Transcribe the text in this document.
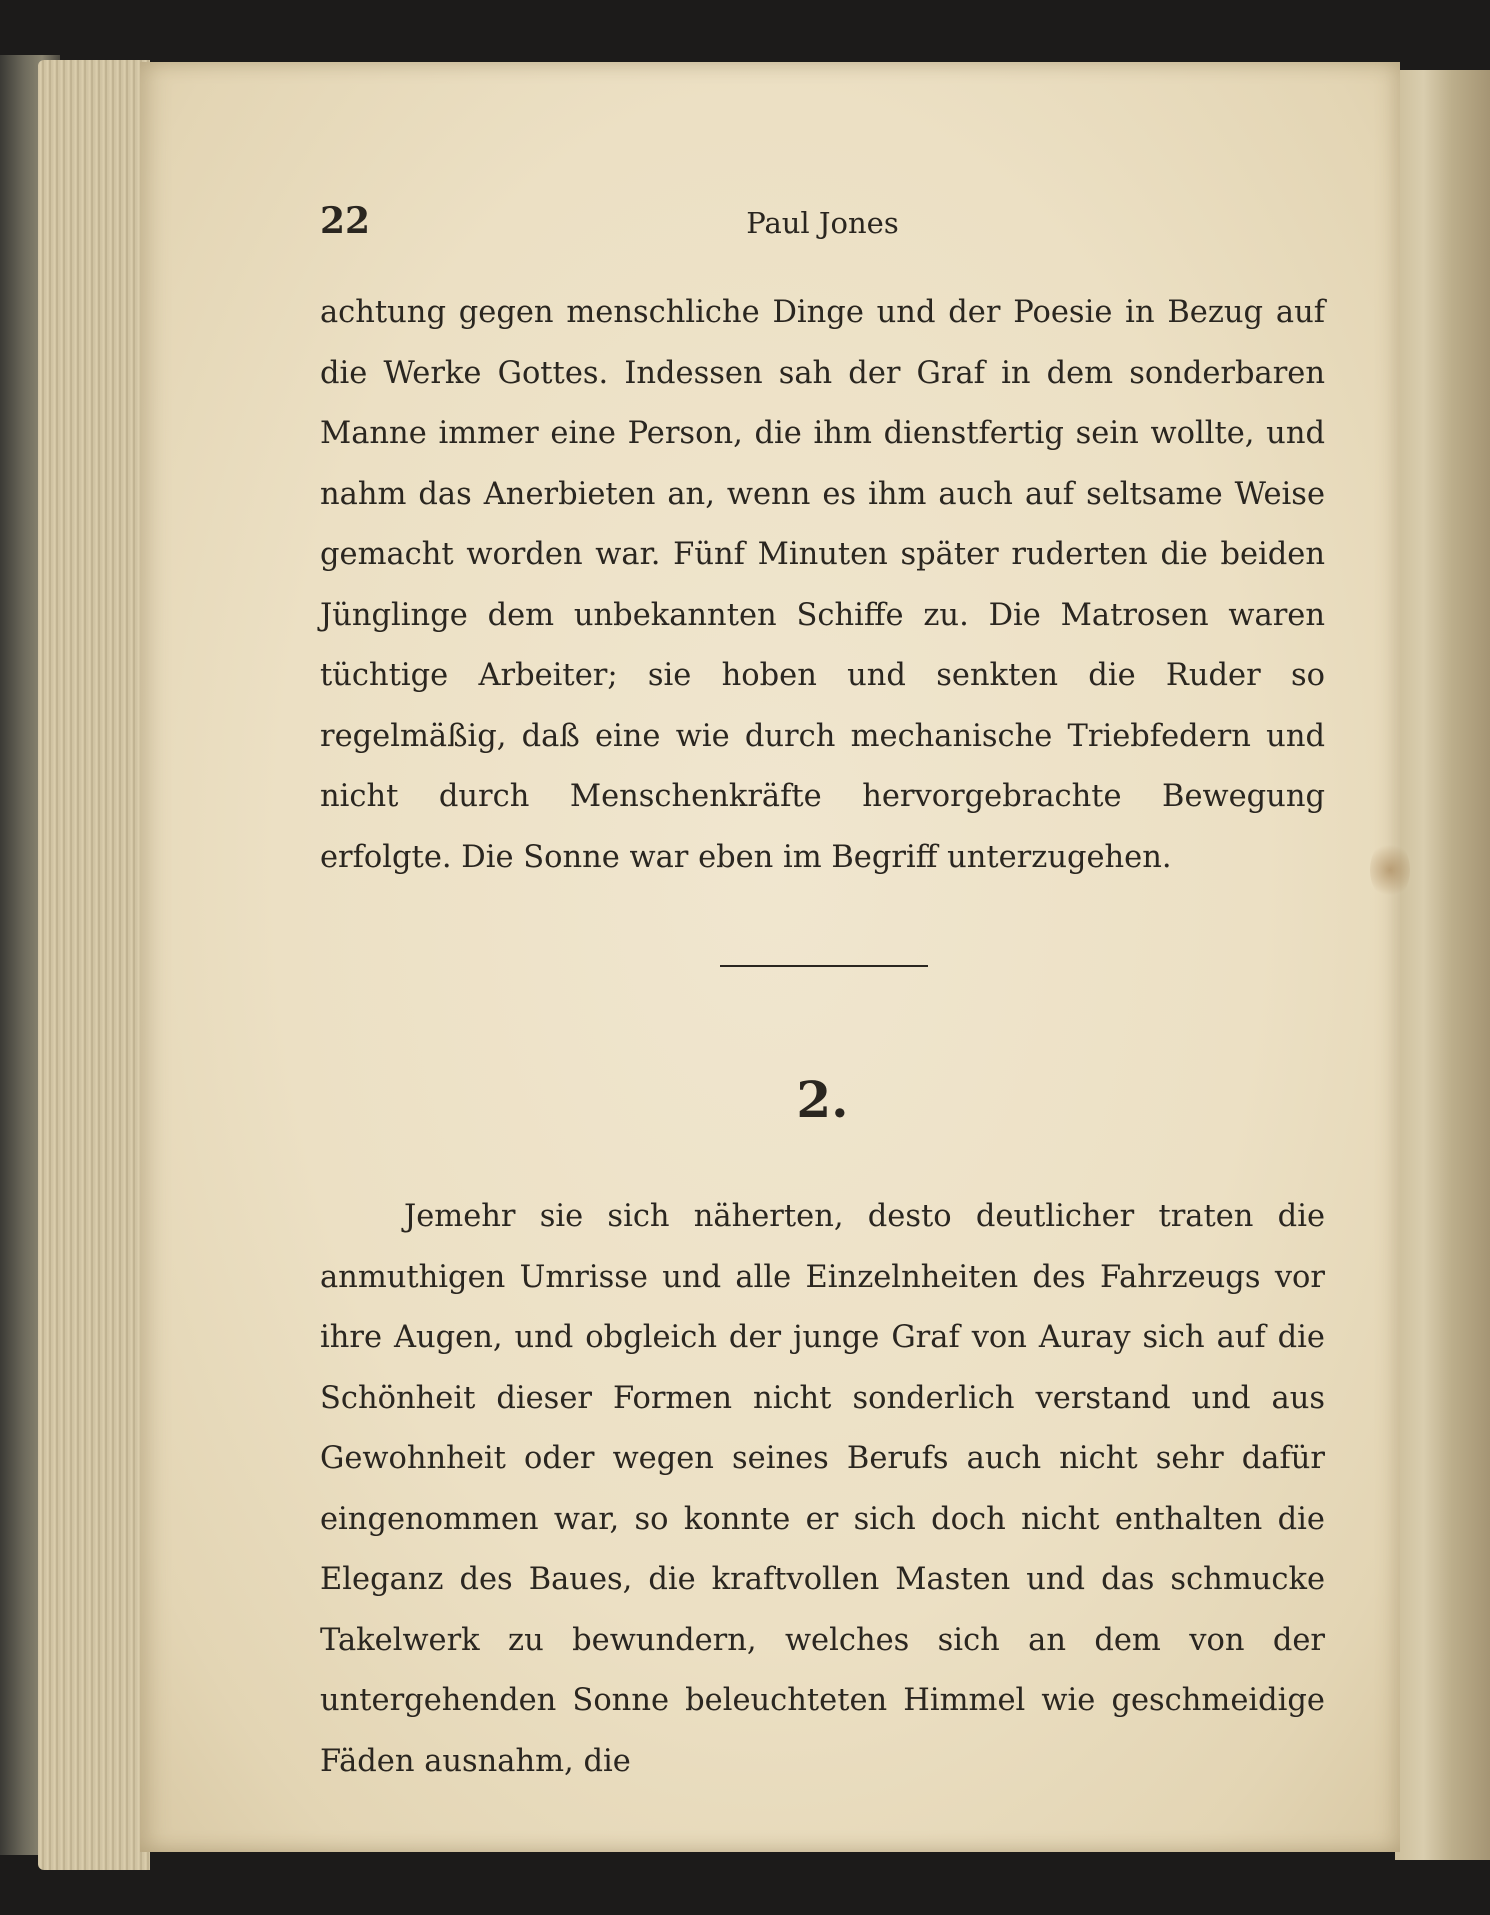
22	Paul Jones
achtung gegen menschliche Dinge und der Poesie in Bezug auf die Werke Gottes. Indessen sah der Graf in dem sonderbaren Manne immer eine Person, die ihm dienstfertig sein wollte, und nahm das Anerbieten an, wenn es ihm auch auf seltsame Weise gemacht worden war. Fünf Minuten später ruderten die beiden Jünglinge dem unbekannten Schiffe zu. Die Matrosen waren tüchtige Arbeiter; sie hoben und senkten die Ruder so regelmäßig, daß eine wie durch mechanische Triebfedern und nicht durch Menschenkräfte hervorgebrachte Bewegung erfolgte. Die Sonne war eben im Begriff unterzugehen.
2.
Jemehr sie sich näherten, desto deutlicher traten die anmuthigen Umrisse und alle Einzelnheiten des Fahrzeugs vor ihre Augen, und obgleich der junge Graf von Auray sich auf die Schönheit dieser Formen nicht sonderlich verstand und aus Gewohnheit oder wegen seines Berufs auch nicht sehr dafür eingenommen war, so konnte er sich doch nicht enthalten die Eleganz des Baues, die kraftvollen Masten und das schmucke Takelwerk zu bewundern, welches sich an dem von der untergehenden Sonne beleuchteten Himmel wie geschmeidige Fäden ausnahm, die
